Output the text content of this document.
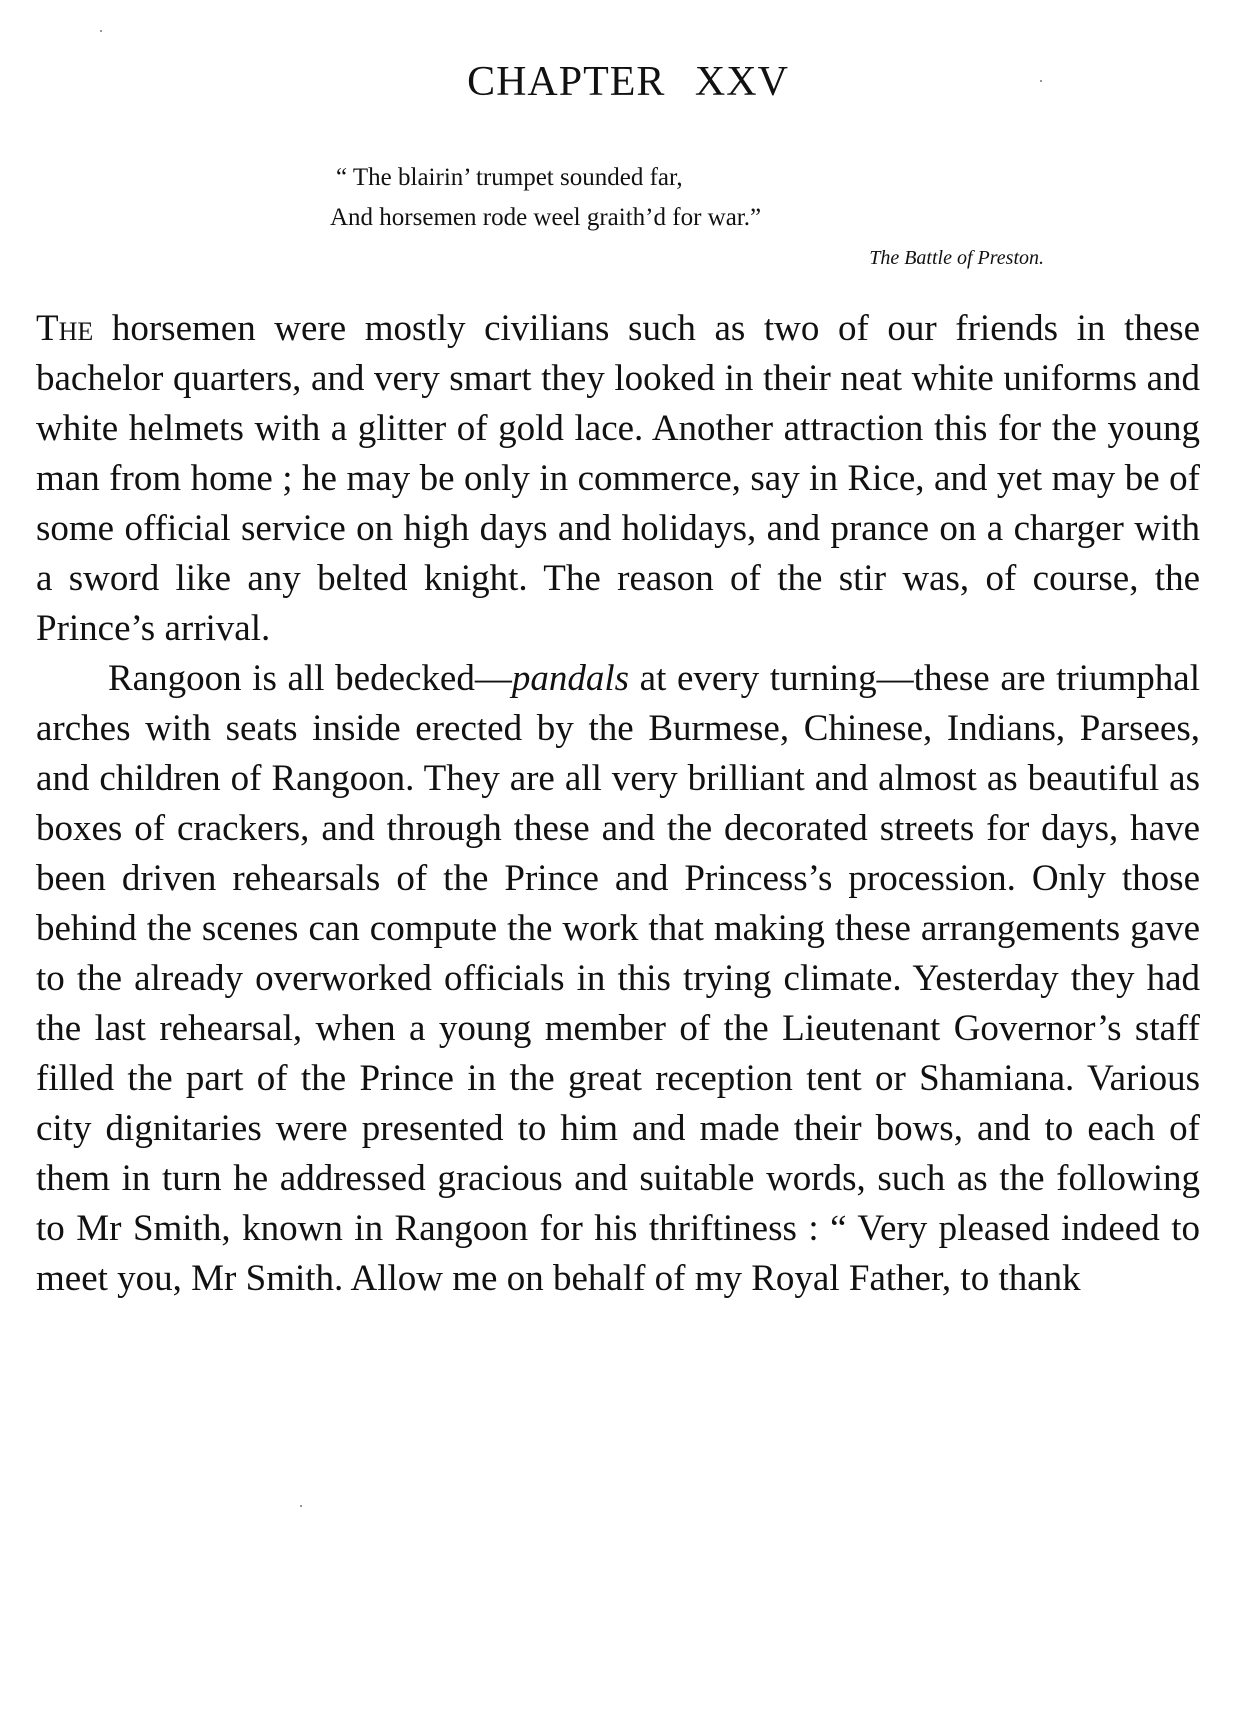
CHAPTER XXV
“ The blairin’ trumpet sounded far,
And horsemen rode weel graith’d for war.”
The Battle of Preston.

The horsemen were mostly civilians such as two of our friends in these bachelor quarters, and very smart they looked in their neat white uniforms and white helmets with a glitter of gold lace. Another attraction this for the young man from home ; he may be only in commerce, say in Rice, and yet may be of some official service on high days and holidays, and prance on a charger with a sword like any belted knight. The reason of the stir was, of course, the Prince’s arrival.

Rangoon is all bedecked—pandals at every turning—these are triumphal arches with seats inside erected by the Burmese, Chinese, Indians, Parsees, and children of Rangoon. They are all very brilliant and almost as beautiful as boxes of crackers, and through these and the decorated streets for days, have been driven rehearsals of the Prince and Princess’s procession. Only those behind the scenes can compute the work that making these arrangements gave to the already overworked officials in this trying climate. Yesterday they had the last rehearsal, when a young member of the Lieutenant Governor’s staff filled the part of the Prince in the great reception tent or Shamiana. Various city dignitaries were presented to him and made their bows, and to each of them in turn he addressed gracious and suitable words, such as the following to Mr Smith, known in Rangoon for his thriftiness : “ Very pleased indeed to meet you, Mr Smith. Allow me on behalf of my Royal Father, to thank
